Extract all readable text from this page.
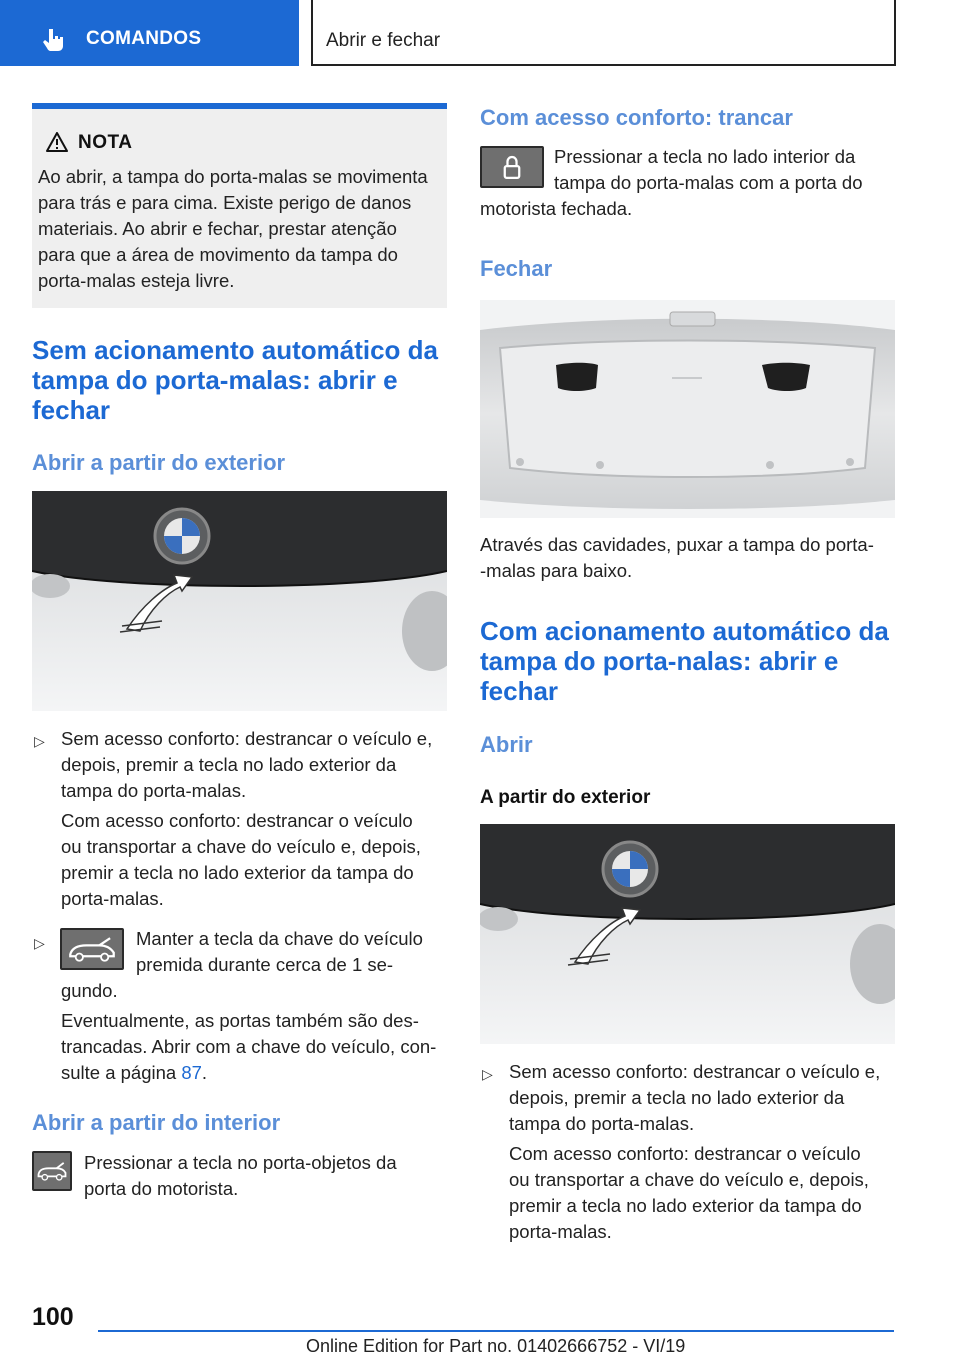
COMANDOS	Abrir e fechar
NOTA
Ao abrir, a tampa do porta-malas se movimenta
para trás e para cima. Existe perigo de danos
materiais. Ao abrir e fechar, prestar atenção
para que a área de movimento da tampa do
porta-malas esteja livre.
Sem acionamento automático da
tampa do porta-malas: abrir e
fechar
Abrir a partir do exterior
▷ Sem acesso conforto: destrancar o veículo e,
depois, premir a tecla no lado exterior da
tampa do porta-malas.
Com acesso conforto: destrancar o veículo
ou transportar a chave do veículo e, depois,
premir a tecla no lado exterior da tampa do
porta-malas.
▷	Manter a tecla da chave do veículo
premida durante cerca de 1 se-
gundo.
Eventualmente, as portas também são des-
trancadas. Abrir com a chave do veículo, con-
sulte a página 87.
Abrir a partir do interior
Pressionar a tecla no porta-objetos da
porta do motorista.
Com acesso conforto: trancar
Pressionar a tecla no lado interior da
tampa do porta-malas com a porta do
motorista fechada.
Fechar
Através das cavidades, puxar a tampa do porta-
-malas para baixo.
Com acionamento automático da
tampa do porta-nalas: abrir e
fechar
Abrir
A partir do exterior
▷ Sem acesso conforto: destrancar o veículo e,
depois, premir a tecla no lado exterior da
tampa do porta-malas.
Com acesso conforto: destrancar o veículo
ou transportar a chave do veículo e, depois,
premir a tecla no lado exterior da tampa do
porta-malas.
100
Online Edition for Part no. 01402666752 - VI/19
